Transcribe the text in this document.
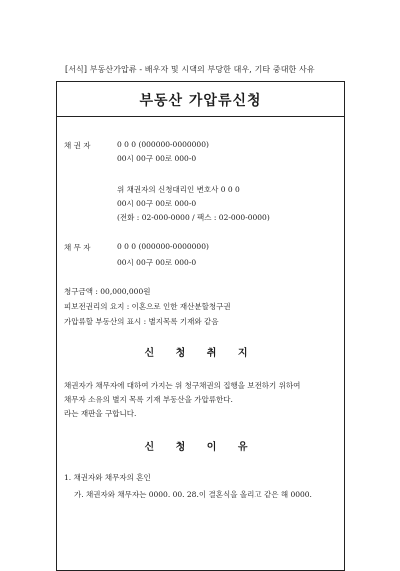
[서식] 부동산가압류 - 배우자 및 시댁의 부당한 대우, 기타 중대한 사유
부동산 가압류신청
채 권 자	0 0 0 (000000-0000000)
00시 00구 00로 000-0
위 채권자의 신청대리인 변호사 0 0 0
00시 00구 00로 000-0
(전화 : 02-000-0000 / 팩스 : 02-000-0000)
채 무 자	0 0 0 (000000-0000000)
00시 00구 00로 000-0
청구금액 : 00,000,000원
피보전권리의 요지 : 이혼으로 인한 재산분할청구권
가압류할 부동산의 표시 : 별지목록 기재와 같음
신 청 취 지
채권자가 채무자에 대하여 가지는 위 청구채권의 집행을 보전하기 위하여
채무자 소유의 별지 목록 기재 부동산을 가압류한다.
라는 재판을 구합니다.
신 청 이 유
1. 채권자와 채무자의 혼인
가. 채권자와 채무자는 0000. 00. 28.이 결혼식을 올리고 같은 해 0000.
